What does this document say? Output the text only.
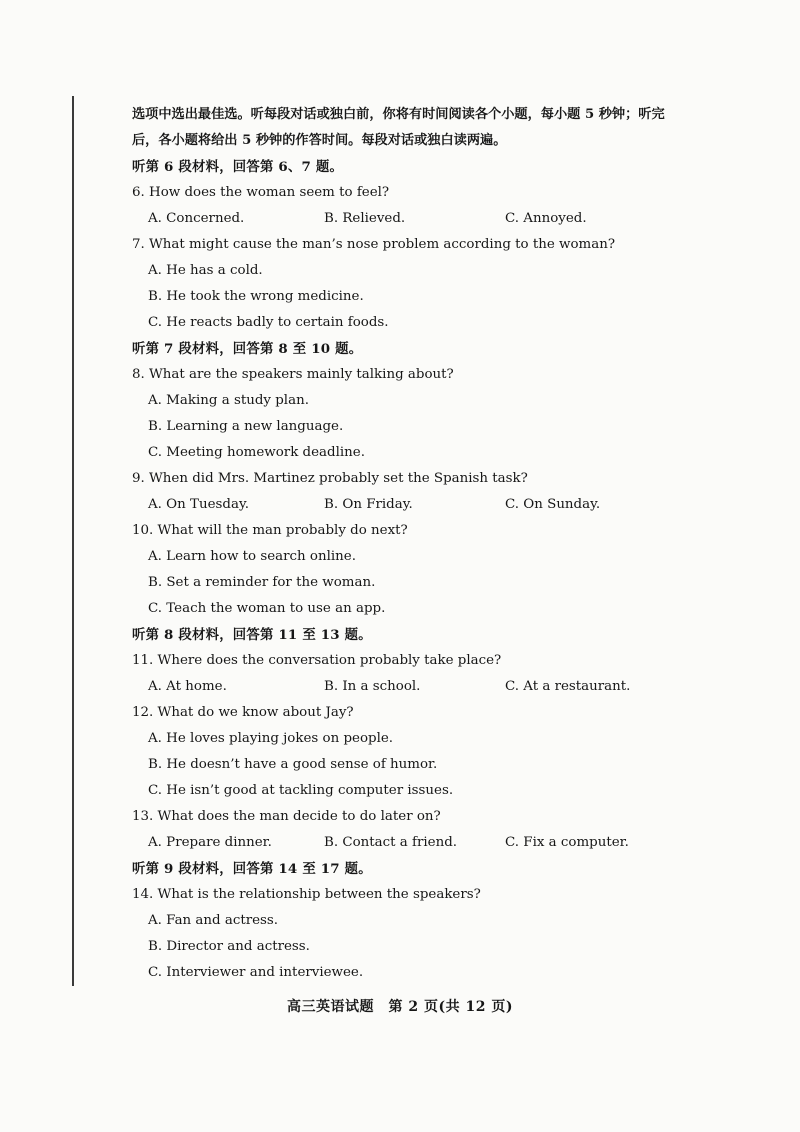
选项中选出最佳选。听每段对话或独白前，你将有时间阅读各个小题，每小题 5 秒钟；听完
后，各小题将给出 5 秒钟的作答时间。每段对话或独白读两遍。
听第 6 段材料，回答第 6、7 题。
6. How does the woman seem to feel?
A. Concerned.	B. Relieved.	C. Annoyed.
7. What might cause the man’s nose problem according to the woman?
A. He has a cold.
B. He took the wrong medicine.
C. He reacts badly to certain foods.
听第 7 段材料，回答第 8 至 10 题。
8. What are the speakers mainly talking about?
A. Making a study plan.
B. Learning a new language.
C. Meeting homework deadline.
9. When did Mrs. Martinez probably set the Spanish task?
A. On Tuesday.	B. On Friday.	C. On Sunday.
10. What will the man probably do next?
A. Learn how to search online.
B. Set a reminder for the woman.
C. Teach the woman to use an app.
听第 8 段材料，回答第 11 至 13 题。
11. Where does the conversation probably take place?
A. At home.	B. In a school.	C. At a restaurant.
12. What do we know about Jay?
A. He loves playing jokes on people.
B. He doesn’t have a good sense of humor.
C. He isn’t good at tackling computer issues.
13. What does the man decide to do later on?
A. Prepare dinner.	B. Contact a friend.	C. Fix a computer.
听第 9 段材料，回答第 14 至 17 题。
14. What is the relationship between the speakers?
A. Fan and actress.
B. Director and actress.
C. Interviewer and interviewee.
高三英语试题　第 2 页(共 12 页)
